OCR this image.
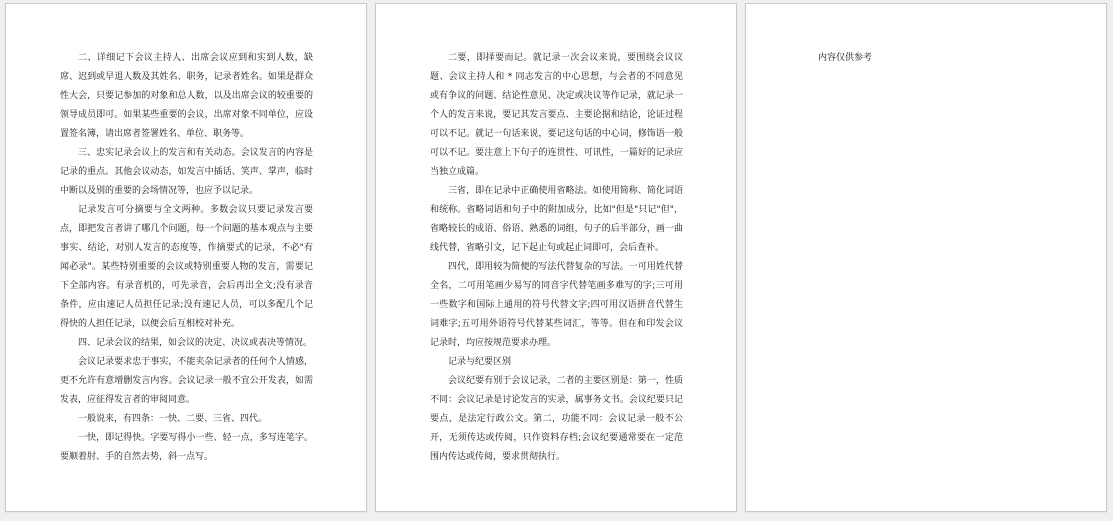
二、详细记下会议主持人、出席会议应到和实到人数，缺席、迟到或早退人数及其姓名、职务，记录者姓名。如果是群众性大会，只要记参加的对象和总人数，以及出席会议的较重要的领导成员即可。如果某些重要的会议，出席对象不同单位，应设置签名簿，请出席者签署姓名、单位、职务等。

三、忠实记录会议上的发言和有关动态。会议发言的内容是记录的重点。其他会议动态，如发言中插话、笑声、掌声，临时中断以及别的重要的会场情况等，也应予以记录。

记录发言可分摘要与全文两种。多数会议只要记录发言要点，即把发言者讲了哪几个问题，每一个问题的基本观点与主要事实、结论，对别人发言的态度等，作摘要式的记录，不必"有闻必录"。某些特别重要的会议或特别重要人物的发言，需要记下全部内容。有录音机的，可先录音，会后再出全文;没有录音条件，应由速记人员担任记录;没有速记人员，可以多配几个记得快的人担任记录，以便会后互相校对补充。

四、记录会议的结果，如会议的决定、决议或表决等情况。

会议记录要求忠于事实，不能夹杂记录者的任何个人情感，更不允许有意增删发言内容。会议记录一般不宜公开发表，如需发表，应征得发言者的审阅同意。

一般说来，有四条：一快、二要、三省、四代。

一快，即记得快。字要写得小一些、轻一点，多写连笔字。要顺着肘、手的自然去势，斜一点写。

二要，即择要而记。就记录一次会议来说，要围绕会议议题、会议主持人和 * 同志发言的中心思想，与会者的不同意见或有争议的问题、结论性意见、决定或决议等作记录，就记录一个人的发言来说，要记其发言要点、主要论据和结论，论证过程可以不记。就记一句话来说，要记这句话的中心词，修饰语一般可以不记。要注意上下句子的连贯性、可讯性，一篇好的记录应当独立成篇。

三省，即在记录中正确使用省略法。如使用简称、简化词语和统称。省略词语和句子中的附加成分，比如"但是"只记"但"，省略较长的成语、俗语、熟悉的词组，句子的后半部分，画一曲线代替，省略引文，记下起止句或起止词即可，会后查补。

四代，即用较为简便的写法代替复杂的写法。一可用姓代替全名，二可用笔画少易写的同音字代替笔画多难写的字;三可用一些数字和国际上通用的符号代替文字;四可用汉语拼音代替生词难字;五可用外语符号代替某些词汇，等等。但在和印发会议记录时，均应按规范要求办理。

记录与纪要区别

会议纪要有别于会议记录，二者的主要区别是：第一，性质不同：会议记录是讨论发言的实录，属事务文书。会议纪要只记要点，是法定行政公文。第二，功能不同：会议记录一般不公开，无须传达或传阅，只作资料存档;会议纪要通常要在一定范围内传达或传阅，要求贯彻执行。

内容仅供参考
